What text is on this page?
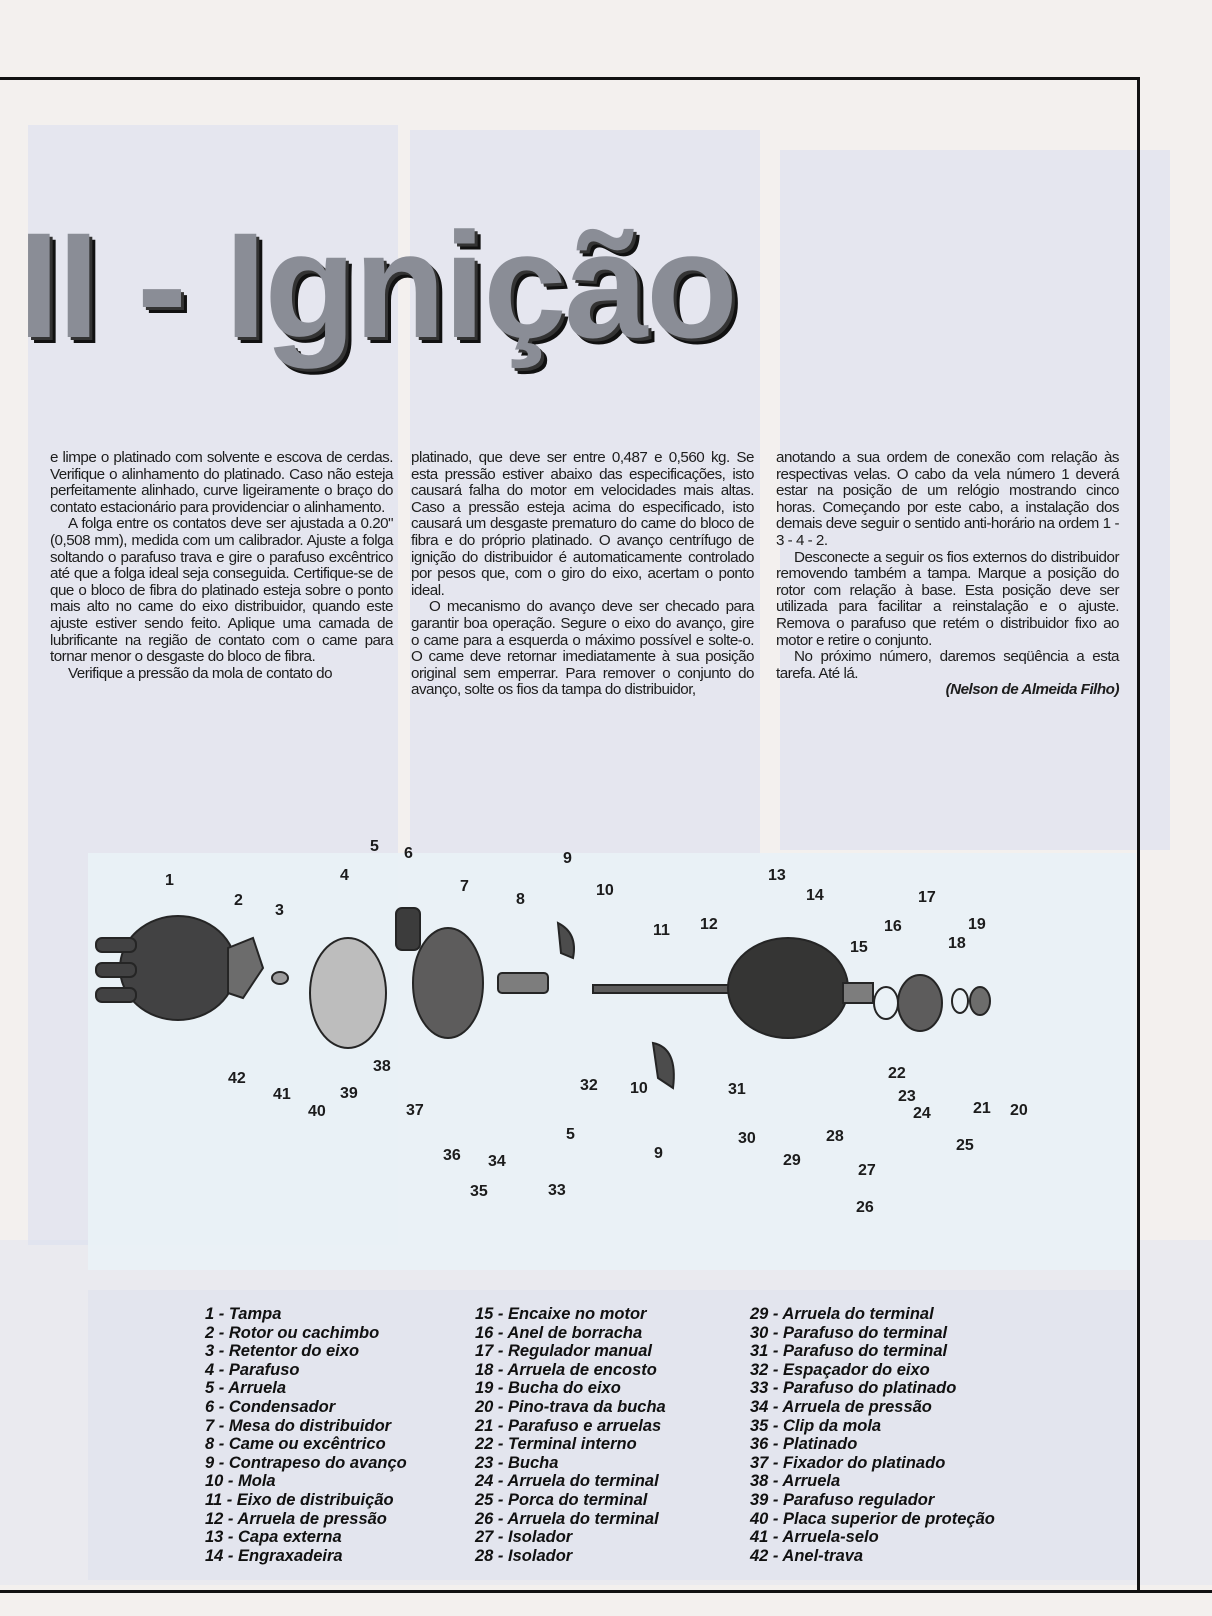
II - Ignição

e limpe o platinado com solvente e escova de cerdas. Verifique o alinhamento do platinado. Caso não esteja perfeitamente alinhado, curve ligeiramente o braço do contato estacionário para providenciar o alinhamento.

A folga entre os contatos deve ser ajustada a 0.20" (0,508 mm), medida com um calibrador. Ajuste a folga soltando o parafuso trava e gire o parafuso excêntrico até que a folga ideal seja conseguida. Certifique-se de que o bloco de fibra do platinado esteja sobre o ponto mais alto no came do eixo distribuidor, quando este ajuste estiver sendo feito. Aplique uma camada de lubrificante na região de contato com o came para tornar menor o desgaste do bloco de fibra.

Verifique a pressão da mola de contato do

platinado, que deve ser entre 0,487 e 0,560 kg. Se esta pressão estiver abaixo das especificações, isto causará falha do motor em velocidades mais altas. Caso a pressão esteja acima do especificado, isto causará um desgaste prematuro do came do bloco de fibra e do próprio platinado. O avanço centrífugo de ignição do distribuidor é automaticamente controlado por pesos que, com o giro do eixo, acertam o ponto ideal.

O mecanismo do avanço deve ser checado para garantir boa operação. Segure o eixo do avanço, gire o came para a esquerda o máximo possível e solte-o. O came deve retornar imediatamente à sua posição original sem emperrar. Para remover o conjunto do avanço, solte os fios da tampa do distribuidor,

anotando a sua ordem de conexão com relação às respectivas velas. O cabo da vela número 1 deverá estar na posição de um relógio mostrando cinco horas. Começando por este cabo, a instalação dos demais deve seguir o sentido anti-horário na ordem 1 - 3 - 4 - 2.

Desconecte a seguir os fios externos do distribuidor removendo também a tampa. Marque a posição do rotor com relação à base. Esta posição deve ser utilizada para facilitar a reinstalação e o ajuste. Remova o parafuso que retém o distribuidor fixo ao motor e retire o conjunto.

No próximo número, daremos seqüência a esta tarefa. Até lá.

(Nelson de Almeida Filho)
1
2
3
4
5 6
7
8
9
10
11 12
13
14
15
16
17
18
19
42
41
40
39
38
37
36
35
34
33
5
32 10
9
31
30
29
28
27
26
25
24
23
22
21 20
1 - Tampa
2 - Rotor ou cachimbo
3 - Retentor do eixo
4 - Parafuso
5 - Arruela
6 - Condensador
7 - Mesa do distribuidor
8 - Came ou excêntrico
9 - Contrapeso do avanço
10 - Mola
11 - Eixo de distribuição
12 - Arruela de pressão
13 - Capa externa
14 - Engraxadeira
15 - Encaixe no motor
16 - Anel de borracha
17 - Regulador manual
18 - Arruela de encosto
19 - Bucha do eixo
20 - Pino-trava da bucha
21 - Parafuso e arruelas
22 - Terminal interno
23 - Bucha
24 - Arruela do terminal
25 - Porca do terminal
26 - Arruela do terminal
27 - Isolador
28 - Isolador
29 - Arruela do terminal
30 - Parafuso do terminal
31 - Parafuso do terminal
32 - Espaçador do eixo
33 - Parafuso do platinado
34 - Arruela de pressão
35 - Clip da mola
36 - Platinado
37 - Fixador do platinado
38 - Arruela
39 - Parafuso regulador
40 - Placa superior de proteção
41 - Arruela-selo
42 - Anel-trava
